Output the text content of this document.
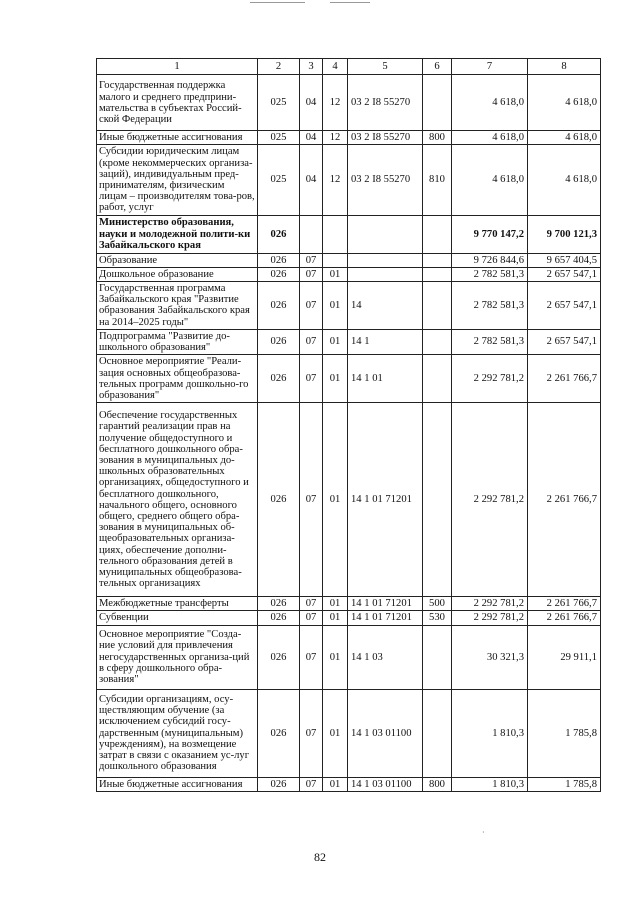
1	2	3	4	5	6	7	8
Государственная поддержка малого и среднего предприни-мательства в субъектах Россий-ской Федерации	025	04	12	03 2 I8 55270		4 618,0	4 618,0
Иные бюджетные ассигнования	025	04	12	03 2 I8 55270	800	4 618,0	4 618,0
Субсидии юридическим лицам (кроме некоммерческих организа-заций), индивидуальным пред-принимателям, физическим лицам – производителям това-ров, работ, услуг	025	04	12	03 2 I8 55270	810	4 618,0	4 618,0
Министерство образования, науки и молодежной полити-ки Забайкальского края	026					9 770 147,2	9 700 121,3
Образование	026	07				9 726 844,6	9 657 404,5
Дошкольное образование	026	07	01			2 782 581,3	2 657 547,1
Государственная программа Забайкальского края "Развитие образования Забайкальского края на 2014–2025 годы"	026	07	01	14		2 782 581,3	2 657 547,1
Подпрограмма "Развитие до-школьного образования"	026	07	01	14 1		2 782 581,3	2 657 547,1
Основное мероприятие "Реали-зация основных общеобразова-тельных программ дошкольно-го образования"	026	07	01	14 1 01		2 292 781,2	2 261 766,7
Обеспечение государственных гарантий реализации прав на получение общедоступного и бесплатного дошкольного обра-зования в муниципальных до-школьных образовательных организациях, общедоступного и бесплатного дошкольного, начального общего, основного общего, среднего общего обра-зования в муниципальных об-щеобразовательных организа-циях, обеспечение дополни-тельного образования детей в муниципальных общеобразова-тельных организациях	026	07	01	14 1 01 71201		2 292 781,2	2 261 766,7
Межбюджетные трансферты	026	07	01	14 1 01 71201	500	2 292 781,2	2 261 766,7
Субвенции	026	07	01	14 1 01 71201	530	2 292 781,2	2 261 766,7
Основное мероприятие "Созда-ние условий для привлечения негосударственных организа-ций в сферу дошкольного обра-зования"	026	07	01	14 1 03		30 321,3	29 911,1
Субсидии организациям, осу-ществляющим обучение (за исключением субсидий госу-дарственным (муниципальным) учреждениям), на возмещение затрат в связи с оказанием ус-луг дошкольного образования	026	07	01	14 1 03 01100		1 810,3	1 785,8
Иные бюджетные ассигнования	026	07	01	14 1 03 01100	800	1 810,3	1 785,8
·
82
